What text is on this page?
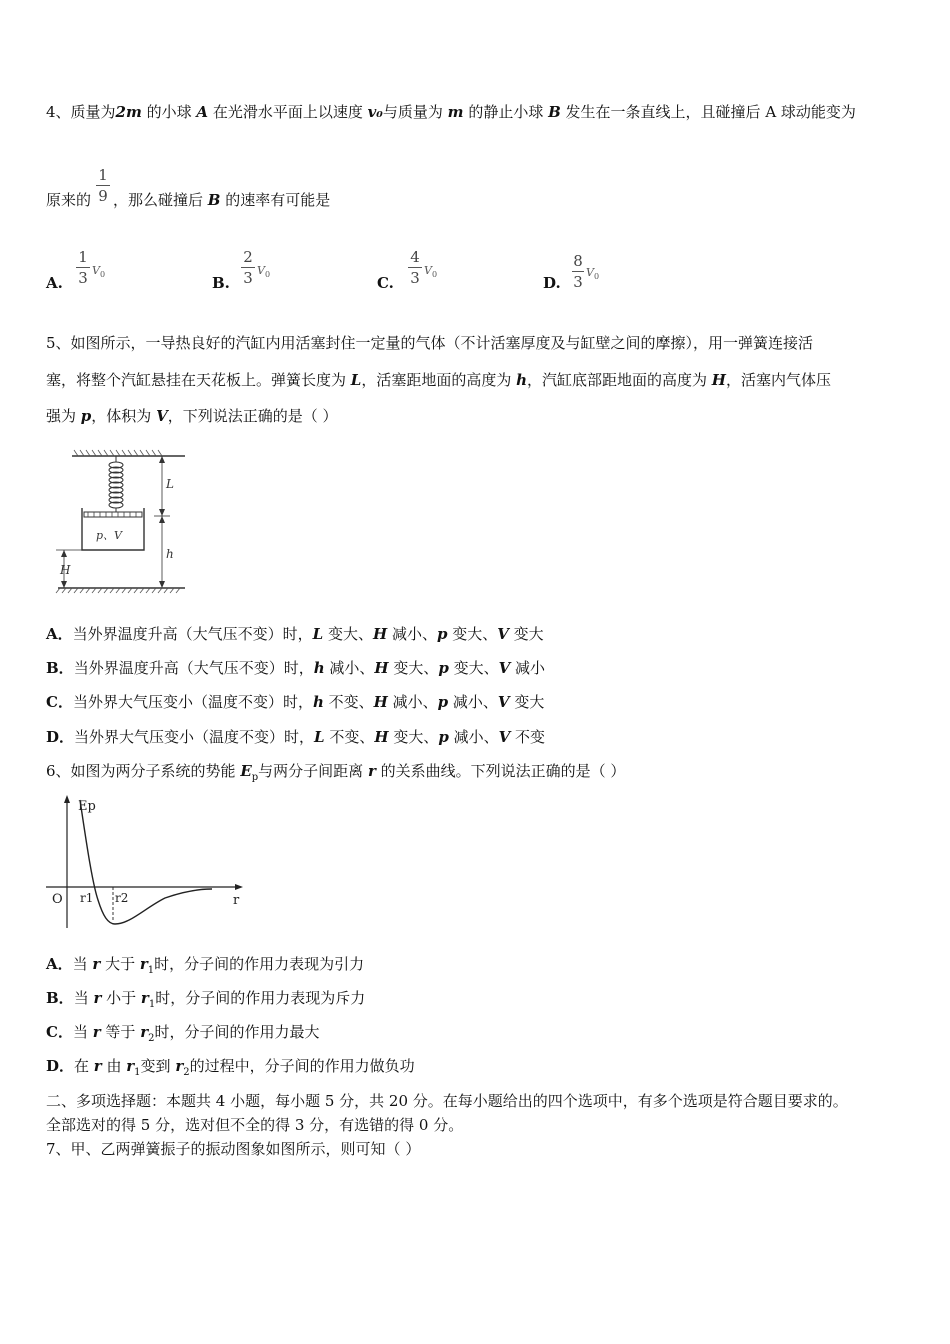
4、质量为2m 的小球 A 在光滑水平面上以速度 v₀与质量为 m 的静止小球 B 发生在一条直线上，且碰撞后 A 球动能变为
1
9
原来的 ，那么碰撞后 B 的速率有可能是
A.
1
3 $V_0$	B.
2
3 $V_0$	C.
4
3 $V_0$	D.
8
3
$V_0$
5、如图所示，一导热良好的汽缸内用活塞封住一定量的气体（不计活塞厚度及与缸壁之间的摩擦），用一弹簧连接活
塞，将整个汽缸悬挂在天花板上。弹簧长度为 L，活塞距地面的高度为 h，汽缸底部距地面的高度为 H，活塞内气体压
强为 p，体积为 V，下列说法正确的是（ ）
p、V
L
h
H
A．当外界温度升高（大气压不变）时，L 变大、H 减小、p 变大、V 变大
B．当外界温度升高（大气压不变）时，h 减小、H 变大、p 变大、V 减小
C．当外界大气压变小（温度不变）时，h 不变、H 减小、p 减小、V 变大
D．当外界大气压变小（温度不变）时，L 不变、H 变大、p 减小、V 不变
6、如图为两分子系统的势能 $E_p$与两分子间距离 r 的关系曲线。下列说法正确的是（ ）
Ep
r
O r1 r2
A．当 r 大于 $r_1$时，分子间的作用力表现为引力
B．当 r 小于 $r_1$时，分子间的作用力表现为斥力
C．当 r 等于 $r_2$时，分子间的作用力最大
D．在 r 由 $r_1$变到 $r_2$的过程中，分子间的作用力做负功
二、多项选择题：本题共 4 小题，每小题 5 分，共 20 分。在每小题给出的四个选项中，有多个选项是符合题目要求的。
全部选对的得 5 分，选对但不全的得 3 分，有选错的得 0 分。
7、甲、乙两弹簧振子的振动图象如图所示，则可知（ ）
